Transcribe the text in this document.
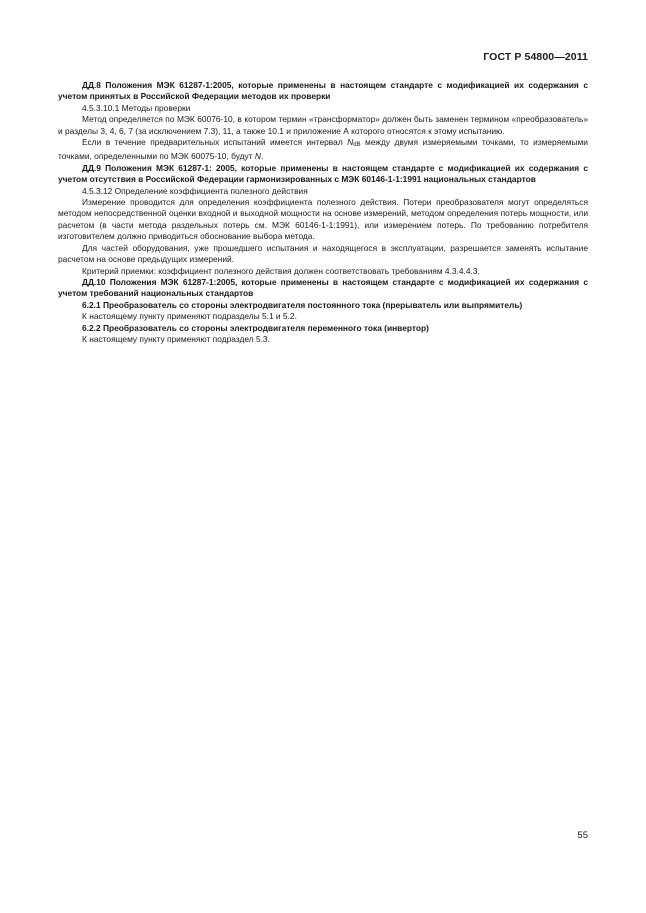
ГОСТ Р 54800—2011

ДД.8 Положения МЭК 61287-1:2005, которые применены в настоящем стандарте с модификацией их содержания с учетом принятых в Российской Федерации методов их проверки

4.5.3.10.1 Методы проверки

Метод определяется по МЭК 60076-10, в котором термин «трансформатор» должен быть заменен термином «преобразователь» и разделы 3, 4, 6, 7 (за исключением 7.3), 11, а также 10.1 и приложение А которого относятся к этому испытанию.

Если в течение предварительных испытаний имеется интервал NdB между двумя измеряемыми точками, то измеряемыми точками, определенными по МЭК 60075-10, будут N.

ДД.9 Положения МЭК 61287-1: 2005, которые применены в настоящем стандарте с модификацией их содержания с учетом отсутствия в Российской Федерации гармонизированных с МЭК 60146-1-1:1991 национальных стандартов

4.5.3.12 Определение коэффициента полезного действия

Измерение проводится для определения коэффициента полезного действия. Потери преобразователя могут определяться методом непосредственной оценки входной и выходной мощности на основе измерений, методом определения потерь мощности, или расчетом (в части метода раздельных потерь см. МЭК 60146-1-1:1991), или измерением потерь. По требованию потребителя изготовителем должно приводиться обоснование выбора метода.

Для частей оборудования, уже прошедшего испытания и находящегося в эксплуатации, разрешается заменять испытание расчетом на основе предыдущих измерений.

Критерий приемки: коэффициент полезного действия должен соответствовать требованиям 4.3.4.4.3.

ДД.10 Положения МЭК 61287-1:2005, которые применены в настоящем стандарте с модификацией их содержания с учетом требований национальных стандартов

6.2.1 Преобразователь со стороны электродвигателя постоянного тока (прерыватель или выпрямитель)

К настоящему пункту применяют подразделы 5.1 и 5.2.

6.2.2 Преобразователь со стороны электродвигателя переменного тока (инвертор)

К настоящему пункту применяют подраздел 5.3.

55
